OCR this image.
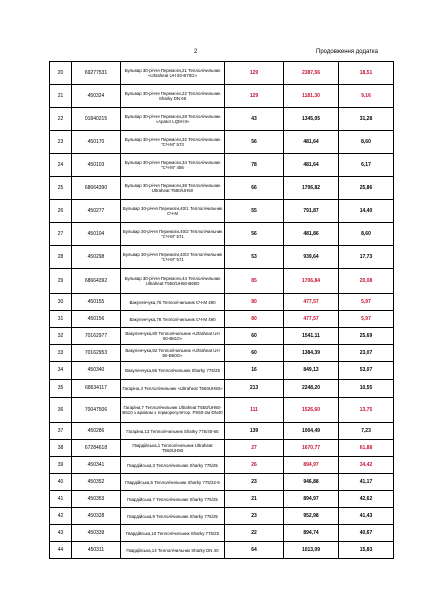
2	Продовження додатка
20	69277531	Бульвар 30-річчя Перемоги,21 Теплолічильник «Ultraheat UH 50-B70G»	129	2387,56	18,51
21	450324	Бульвар 30-річчя Перемоги,22 Теплолічильник Sharky DN 65	129	1181,30	9,16
22	01840215	Бульвар 30-річчя Перемоги,28 Теплолічильник «Apator LQM-III»	43	1345,05	31,28
23	450170	Бульвар 30-річчя Перемоги,32 Теплолічильник "СЧ-М" 573	56	481,64	8,60
24	450103	Бульвар 30-річчя Перемоги,34 Теплолічильник "СЧ-М" 456	78	481,64	6,17
25	68664390	Бульвар 30-річчя Перемоги,38 Теплолічильник Ultraheat T550/UH50	66	1706,82	25,86
26	450277	Бульвар 30-річчя Перемоги,40/1 Теплолічильник СЧ-М	55	791,87	14,40
27	450104	Бульвар 30-річчя Перемоги,40/2 Теплолічильник "СЧ-М" 571	56	481,86	8,60
28	450298	Бульвар 30-річчя Перемоги,40/3 Теплолічильник "СЧ-М" 571	53	939,64	17,73
29	68664392	Бульвар 30-річчя Перемоги,44 Теплолічильник Ultraheat T550/UH50-B60D	85	1706,84	20,08
30	450155	Вакуленчука,76 Теплолічильник СЧ-М 490	80	477,57	5,97
31	450156	Вакуленчука,78 Теплолічильник СЧ-М 490	80	477,57	5,97
32	70162977	Вакуленчука,80 Теплолічильник «Ultraheat UH 50-B610»	60	1541,11	25,69
33	70162953	Вакуленчука,82 Теплолічильник «Ultraheat UH 50-B60G»	60	1384,39	23,07
34	450340	Вакуленчука,86 Теплолічильник Sharky 775/25	16	849,13	53,07
35	68634117	Гагаріна,3 Теплолічильник «Ultraheat T550UH50»	213	2248,20	10,55
36	70047506	Гагаріна,7 Теплолічильник Ultraheat T550/UH50-B610 з архівом з терморегулятор. PS50-2м DN40	111	1526,60	13,75
37	450286	Гагаріна,13 Теплолічильник Sharky 775/40-65	139	1004,49	7,23
38	67284618	Гвардійська,1 Теплолічильник Ultraheat T550UH50	27	1670,77	61,88
39	450341	Гвардійська,3 Теплолічильник Sharky 775/25	26	894,97	34,42
40	450352	Гвардійська,5 Теплолічильник Sharky 775/32-6	23	946,88	41,17
41	450353	Гвардійська,7 Теплолічильник Sharky 775/25	21	894,97	42,62
42	450328	Гвардійська,9 Теплолічильник Sharky 775/25	23	952,98	41,43
43	450339	Гвардійська,10 Теплолічильник Sharky 775/25	22	894,74	40,67
44	450311	Гвардійська,14 Теплолічильник Sharky DN 40	64	1013,09	15,83
